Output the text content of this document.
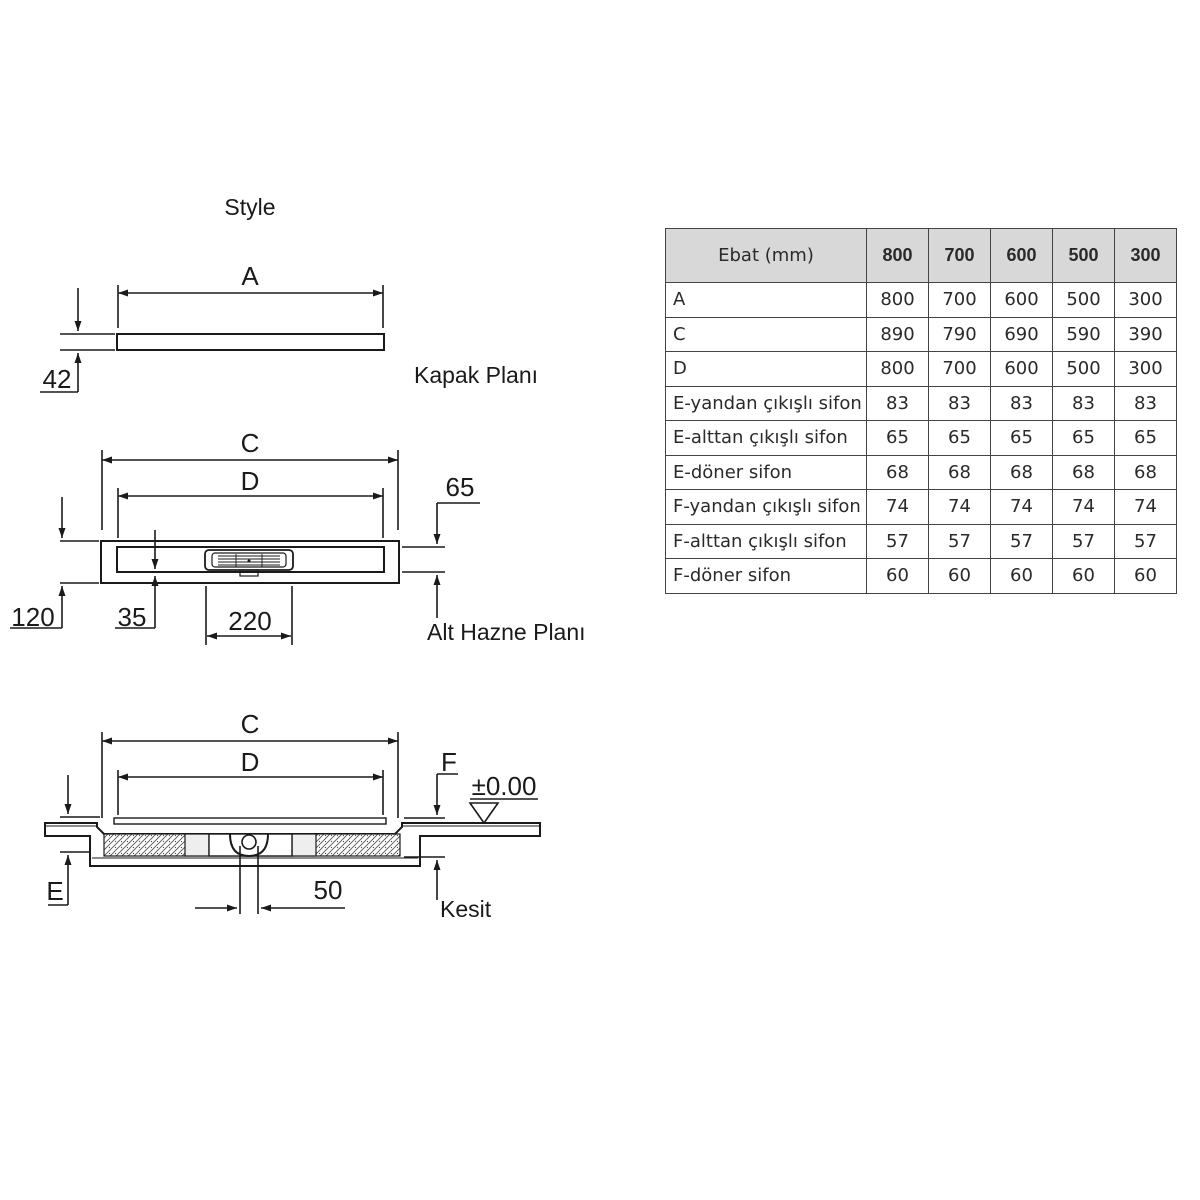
Style
A
42	Kapak Planı
C
D	65
120 35	220	Alt Hazne Planı
C
D	F
±0.00
E	50
Kesit
Ebat (mm)	800	700	600	500	300
A	800	700	600	500	300
C	890	790	690	590	390
D	800	700	600	500	300
E-yandan çıkışlı sifon	83	83	83	83	83
E-alttan çıkışlı sifon	65	65	65	65	65
E-döner sifon	68	68	68	68	68
F-yandan çıkışlı sifon	74	74	74	74	74
F-alttan çıkışlı sifon	57	57	57	57	57
F-döner sifon	60	60	60	60	60
